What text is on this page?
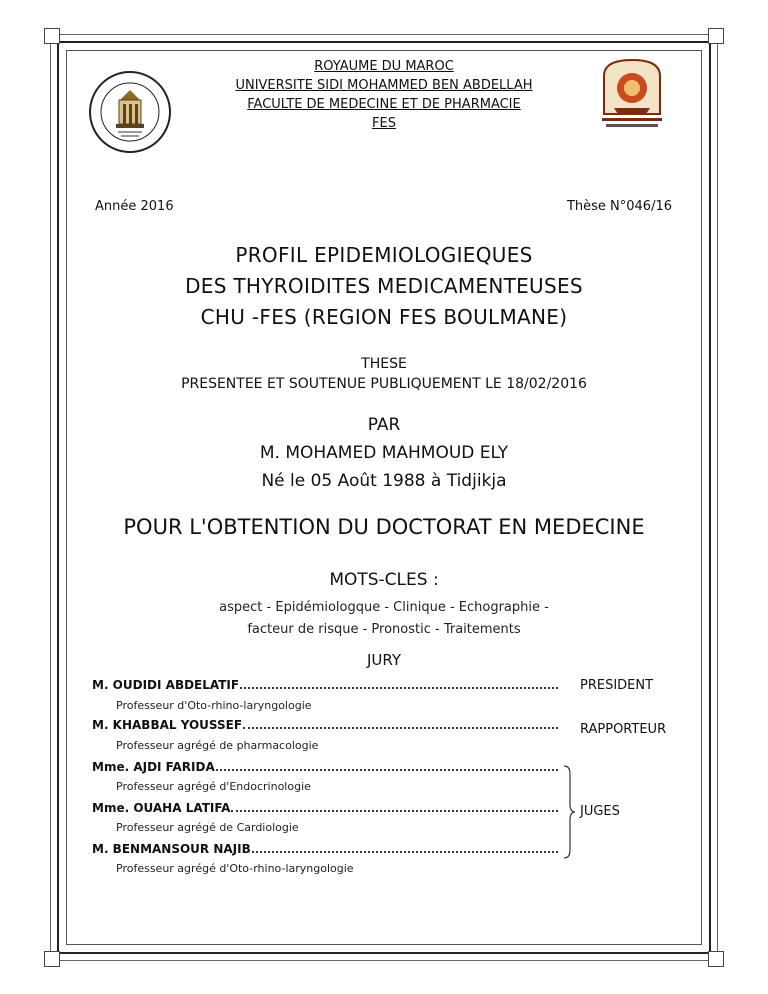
ROYAUME DU MAROC
UNIVERSITE SIDI MOHAMMED BEN ABDELLAH
FACULTE DE MEDECINE ET DE PHARMACIE
FES
Année 2016	Thèse N°046/16
PROFIL EPIDEMIOLOGIEQUES
DES THYROIDITES MEDICAMENTEUSES
CHU -FES (REGION FES BOULMANE)
THESE
PRESENTEE ET SOUTENUE PUBLIQUEMENT LE 18/02/2016
PAR
M. MOHAMED MAHMOUD ELY
Né le 05 Août 1988 à Tidjikja
POUR L'OBTENTION DU DOCTORAT EN MEDECINE
MOTS-CLES :
aspect - Epidémiologque - Clinique - Echographie -
facteur de risque - Pronostic - Traitements
JURY
M. OUDIDI ABDELATIF
Professeur d'Oto-rhino-laryngologie
M. KHABBAL YOUSSEF
Professeur agrégé de pharmacologie
Mme. AJDI FARIDA
Professeur agrégé d'Endocrinologie
Mme. OUAHA LATIFA
Professeur agrégé de Cardiologie
M. BENMANSOUR NAJIB
Professeur agrégé d'Oto-rhino-laryngologie
PRESIDENT
RAPPORTEUR
JUGES
